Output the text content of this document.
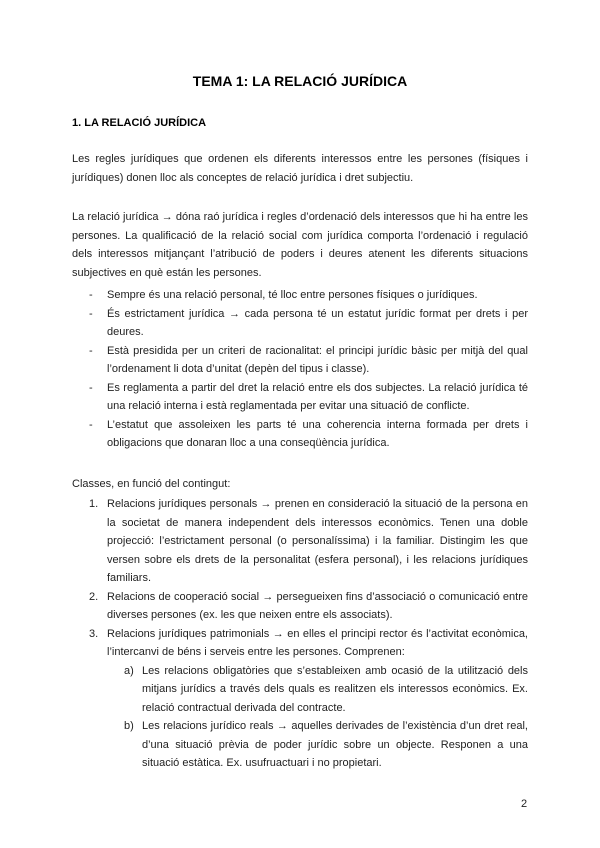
TEMA 1: LA RELACIÓ JURÍDICA
1. LA RELACIÓ JURÍDICA
Les regles jurídiques que ordenen els diferents interessos entre les persones (físiques i jurídiques) donen lloc als conceptes de relació jurídica i dret subjectiu.
La relació jurídica → dóna raó jurídica i regles d’ordenació dels interessos que hi ha entre les persones. La qualificació de la relació social com jurídica comporta l’ordenació i regulació dels interessos mitjançant l’atribució de poders i deures atenent les diferents situacions subjectives en què están les persones.
- Sempre és una relació personal, té lloc entre persones físiques o jurídiques.
- És estrictament jurídica → cada persona té un estatut jurídic format per drets i per deures.
- Està presidida per un criteri de racionalitat: el principi jurídic bàsic per mitjà del qual l’ordenament li dota d’unitat (depèn del tipus i classe).
- Es reglamenta a partir del dret la relació entre els dos subjectes. La relació jurídica té una relació interna i està reglamentada per evitar una situació de conflicte.
- L’estatut que assoleixen les parts té una coherencia interna formada per drets i obligacions que donaran lloc a una conseqüència jurídica.
Classes, en funció del contingut:
1. Relacions jurídiques personals → prenen en consideració la situació de la persona en la societat de manera independent dels interessos econòmics. Tenen una doble projecció: l’estrictament personal (o personalíssima) i la familiar. Distingim les que versen sobre els drets de la personalitat (esfera personal), i les relacions jurídiques familiars.
2. Relacions de cooperació social → persegueixen fins d’associació o comunicació entre diverses persones (ex. les que neixen entre els associats).
3. Relacions jurídiques patrimonials → en elles el principi rector és l’activitat econòmica, l’intercanvi de béns i serveis entre les persones. Comprenen:
a) Les relacions obligatòries que s’estableixen amb ocasió de la utilització dels mitjans jurídics a través dels quals es realitzen els interessos econòmics. Ex. relació contractual derivada del contracte.
b) Les relacions jurídico reals → aquelles derivades de l’existència d’un dret real, d’una situació prèvia de poder jurídic sobre un objecte. Responen a una situació estàtica. Ex. usufruactuari i no propietari.
2
